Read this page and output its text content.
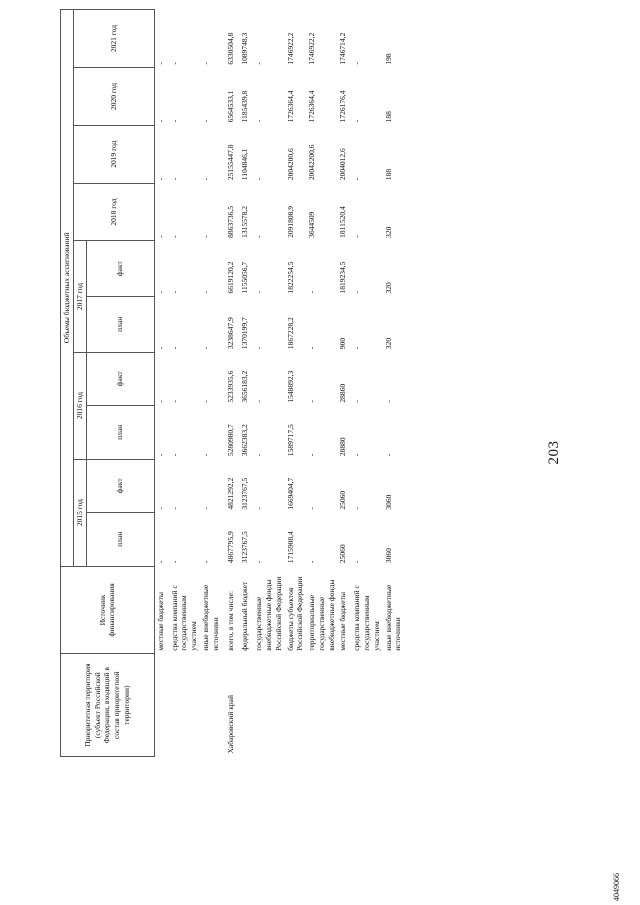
203
4049066
Приоритетная территория (субъект Российской Федерации, входящий в состав приоритетной территории)	Источник финансирования	Объемы бюджетных ассигнований									
		2015 год		2016 год		2017 год		2018 год	2019 год	2020 год	2021 год
		план	факт	план	факт	план	факт				
	местные бюджеты	-	-	-	-	-	-	-	-	-	-
	средства компаний с государственным участием	-	-	-	-	-	-	-	-	-	-
	иные внебюджетные источники	-	-	-	-	-	-	-	-	-	-
Хабаровский край	всего, в том числе:	4867795,9	4821292,2	5280980,7	5233935,6	3238647,9	6619120,2	8863736,5	25155447,8	6564533,1	6330504,8
	федеральный бюджет	3123767,5	3123767,5	3662383,2	3656183,2	1370199,7	1155056,7	1315578,2	1104846,1	1185439,8	1089748,3
	государственные внебюджетные фонды Российской Федерации	-	-	-	-	-	-	-	-	-	-
	бюджеты субъектов Российской Федерации	1715908,4	1669404,7	1589717,5	1548892,3	1867228,2	1822254,5	2091808,9	2004200,6	1726364,4	1746922,2
	территориальные государственные внебюджетные фонды	-	-	-	-	-	-	3644509	20042200,6	1726364,4	1746922,2
	местные бюджеты	25060	25060	28880	28860	900	1819234,5	1811520,4	2004012,6	1726176,4	1746714,2
	средства компаний с государственным участием	-	-	-	-	-	-	-	-	-	-
	иные внебюджетные источники	3060	3060	-	-	320	320	320	188	188	198
